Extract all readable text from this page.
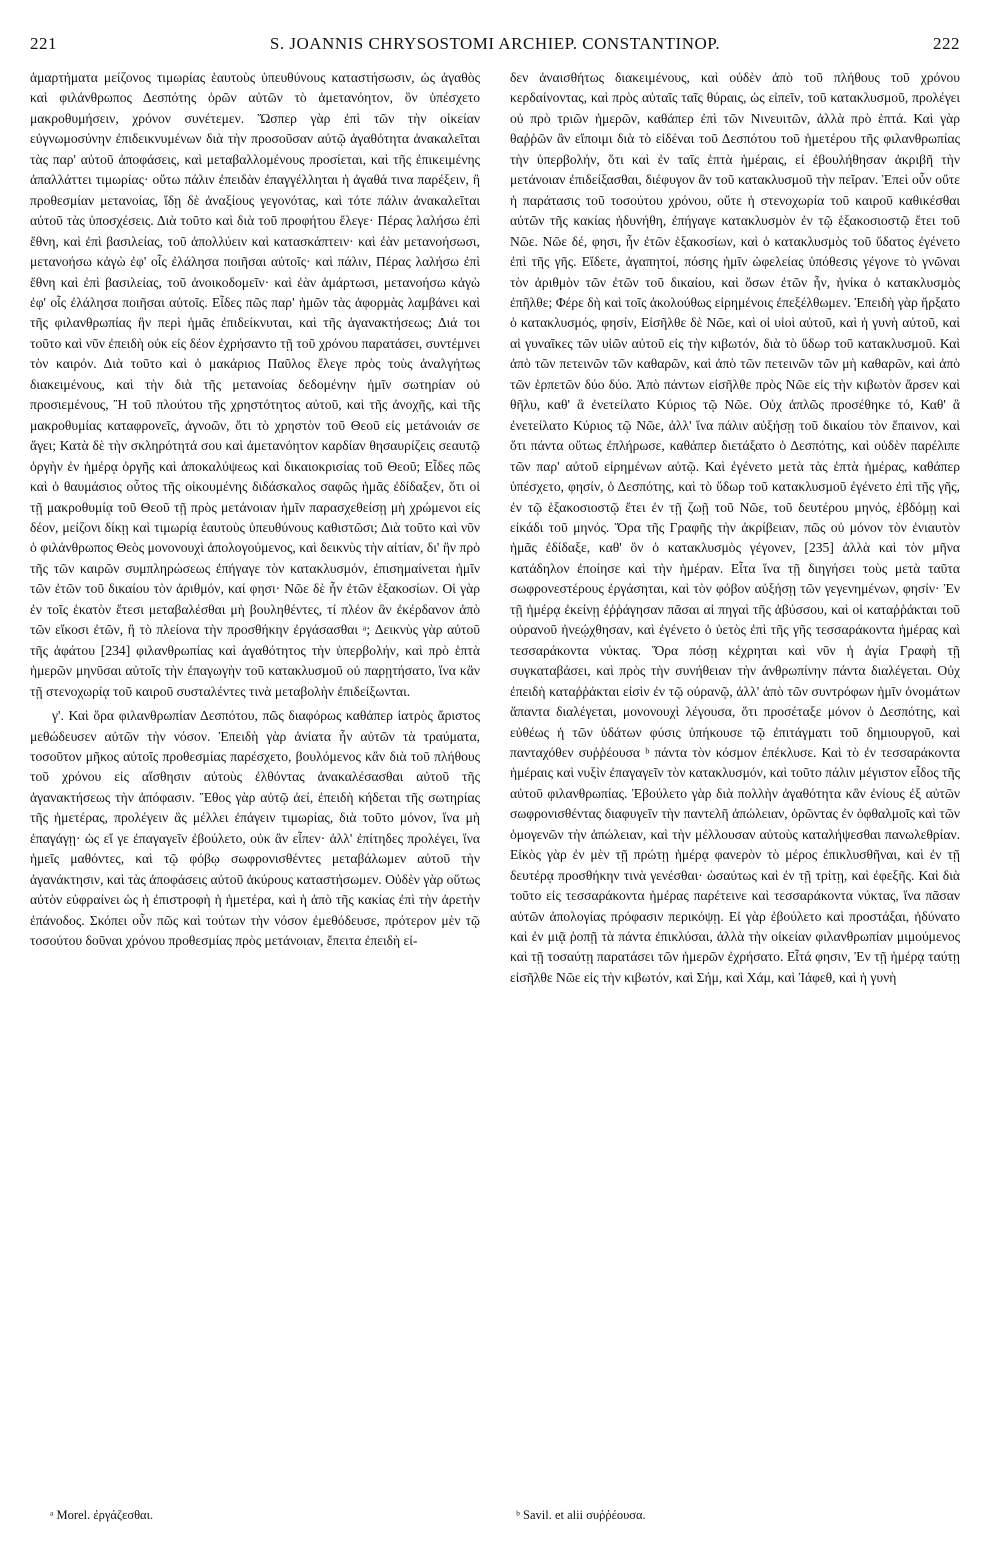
221	S. JOANNIS CHRYSOSTOMI ARCHIEP. CONSTANTINOP.	222

ἁμαρτήματα μείζονος τιμωρίας ἑαυτοὺς ὑπευθύνους καταστήσωσιν, ὡς ἀγαθὸς καὶ φιλάνθρωπος Δεσπότης ὁρῶν αὐτῶν τὸ ἀμετανόητον, ὃν ὑπέσχετο μακροθυμήσειν, χρόνον συνέτεμεν. Ὥσπερ γὰρ ἐπὶ τῶν τὴν οἰκείαν εὐγνωμοσύνην ἐπιδεικνυμένων διὰ τὴν προσοῦσαν αὐτῷ ἀγαθότητα ἀνακαλεῖται τὰς παρ' αὐτοῦ ἀποφάσεις, καὶ μεταβαλλομένους προσίεται, καὶ τῆς ἐπικειμένης ἀπαλλάττει τιμωρίας· οὕτω πάλιν ἐπειδὰν ἐπαγγέλληται ἡ ἀγαθά τινα παρέξειν, ἢ προθεσμίαν μετανοίας, ἴδῃ δὲ ἀναξίους γεγονότας, καὶ τότε πάλιν ἀνακαλεῖται αὐτοῦ τὰς ὑποσχέσεις. Διὰ τοῦτο καὶ διὰ τοῦ προφήτου ἔλεγε· Πέρας λαλήσω ἐπὶ ἔθνη, καὶ ἐπὶ βασιλείας, τοῦ ἀπολλύειν καὶ κατασκάπτειν· καὶ ἐὰν μετανοήσωσι, μετανοήσω κἀγὼ ἐφ' οἷς ἐλάλησα ποιῆσαι αὐτοῖς· καὶ πάλιν, Πέρας λαλήσω ἐπὶ ἔθνη καὶ ἐπὶ βασιλείας, τοῦ ἀνοικοδομεῖν· καὶ ἐὰν ἁμάρτωσι, μετανοήσω κἀγὼ ἐφ' οἷς ἐλάλησα ποιῆσαι αὐτοῖς. Εἶδες πῶς παρ' ἡμῶν τὰς ἀφορμὰς λαμβάνει καὶ τῆς φιλανθρωπίας ἣν περὶ ἡμᾶς ἐπιδείκνυται, καὶ τῆς ἀγανακτήσεως; Διά τοι τοῦτο καὶ νῦν ἐπειδὴ οὐκ εἰς δέον ἐχρήσαντο τῇ τοῦ χρόνου παρατάσει, συντέμνει τὸν καιρόν. Διὰ τοῦτο καὶ ὁ μακάριος Παῦλος ἔλεγε πρὸς τοὺς ἀναλγήτως διακειμένους, καὶ τὴν διὰ τῆς μετανοίας δεδομένην ἡμῖν σωτηρίαν οὐ προσιεμένους, Ἢ τοῦ πλούτου τῆς χρηστότητος αὐτοῦ, καὶ τῆς ἀνοχῆς, καὶ τῆς μακροθυμίας καταφρονεῖς, ἀγνοῶν, ὅτι τὸ χρηστὸν τοῦ Θεοῦ εἰς μετάνοιάν σε ἄγει; Κατὰ δὲ τὴν σκληρότητά σου καὶ ἀμετανόητον καρδίαν θησαυρίζεις σεαυτῷ ὀργὴν ἐν ἡμέρᾳ ὀργῆς καὶ ἀποκαλύψεως καὶ δικαιοκρισίας τοῦ Θεοῦ; Εἶδες πῶς καὶ ὁ θαυμάσιος οὗτος τῆς οἰκουμένης διδάσκαλος σαφῶς ἡμᾶς ἐδίδαξεν, ὅτι οἱ τῇ μακροθυμίᾳ τοῦ Θεοῦ τῇ πρὸς μετάνοιαν ἡμῖν παρασχεθείσῃ μὴ χρώμενοι εἰς δέον, μείζονι δίκῃ καὶ τιμωρίᾳ ἑαυτοὺς ὑπευθύνους καθιστῶσι; Διὰ τοῦτο καὶ νῦν ὁ φιλάνθρωπος Θεὸς μονονουχὶ ἀπολογούμενος, καὶ δεικνὺς τὴν αἰτίαν, δι' ἣν πρὸ τῆς τῶν καιρῶν συμπληρώσεως ἐπήγαγε τὸν κατακλυσμόν, ἐπισημαίνεται ἡμῖν τῶν ἐτῶν τοῦ δικαίου τὸν ἀριθμόν, καί φησι· Νῶε δὲ ἦν ἐτῶν ἑξακοσίων. Οἱ γὰρ ἐν τοῖς ἑκατὸν ἔτεσι μεταβαλέσθαι μὴ βουληθέντες, τί πλέον ἂν ἐκέρδανον ἀπὸ τῶν εἴκοσι ἐτῶν, ἢ τὸ πλείονα τὴν προσθήκην ἐργάσασθαι ᵃ; Δεικνὺς γὰρ αὐτοῦ τῆς ἀφάτου [234] φιλανθρωπίας καὶ ἀγαθότητος τὴν ὑπερβολήν, καὶ πρὸ ἑπτὰ ἡμερῶν μηνῦσαι αὐτοῖς τὴν ἐπαγωγὴν τοῦ κατακλυσμοῦ οὐ παρῃτήσατο, ἵνα κἂν τῇ στενοχωρίᾳ τοῦ καιροῦ συσταλέντες τινὰ μεταβολὴν ἐπιδείξωνται.

γ'. Καὶ ὅρα φιλανθρωπίαν Δεσπότου, πῶς διαφόρως καθάπερ ἰατρὸς ἄριστος μεθώδευσεν αὐτῶν τὴν νόσον. Ἐπειδὴ γὰρ ἀνίατα ἦν αὐτῶν τὰ τραύματα, τοσοῦτον μῆκος αὐτοῖς προθεσμίας παρέσχετο, βουλόμενος κἂν διὰ τοῦ πλήθους τοῦ χρόνου εἰς αἴσθησιν αὐτοὺς ἐλθόντας ἀνακαλέσασθαι αὐτοῦ τῆς ἀγανακτήσεως τὴν ἀπόφασιν. Ἔθος γὰρ αὐτῷ ἀεί, ἐπειδὴ κήδεται τῆς σωτηρίας τῆς ἡμετέρας, προλέγειν ἃς μέλλει ἐπάγειν τιμωρίας, διὰ τοῦτο μόνον, ἵνα μὴ ἐπαγάγῃ· ὡς εἴ γε ἐπαγαγεῖν ἐβούλετο, οὐκ ἂν εἶπεν· ἀλλ' ἐπίτηδες προλέγει, ἵνα ἡμεῖς μαθόντες, καὶ τῷ φόβῳ σωφρονισθέντες μεταβάλωμεν αὐτοῦ τὴν ἀγανάκτησιν, καὶ τὰς ἀποφάσεις αὐτοῦ ἀκύρους καταστήσωμεν. Οὐδὲν γὰρ οὕτως αὐτὸν εὐφραίνει ὡς ἡ ἐπιστροφὴ ἡ ἡμετέρα, καὶ ἡ ἀπὸ τῆς κακίας ἐπὶ τὴν ἀρετὴν ἐπάνοδος. Σκόπει οὖν πῶς καὶ τούτων τὴν νόσον ἐμεθόδευσε, πρότερον μὲν τῷ τοσούτου δοῦναι χρόνου προθεσμίας πρὸς μετάνοιαν, ἔπειτα ἐπειδὴ εἰ-

δεν ἀναισθήτως διακειμένους, καὶ οὐδὲν ἀπὸ τοῦ πλήθους τοῦ χρόνου κερδαίνοντας, καὶ πρὸς αὐταῖς ταῖς θύραις, ὡς εἰπεῖν, τοῦ κατακλυσμοῦ, προλέγει οὐ πρὸ τριῶν ἡμερῶν, καθάπερ ἐπὶ τῶν Νινευιτῶν, ἀλλὰ πρὸ ἑπτά. Καὶ γὰρ θαῤῥῶν ἂν εἴποιμι διὰ τὸ εἰδέναι τοῦ Δεσπότου τοῦ ἡμετέρου τῆς φιλανθρωπίας τὴν ὑπερβολήν, ὅτι καὶ ἐν ταῖς ἑπτὰ ἡμέραις, εἰ ἐβουλήθησαν ἀκριβῆ τὴν μετάνοιαν ἐπιδείξασθαι, διέφυγον ἂν τοῦ κατακλυσμοῦ τὴν πεῖραν. Ἐπεὶ οὖν οὔτε ἡ παράτασις τοῦ τοσούτου χρόνου, οὔτε ἡ στενοχωρία τοῦ καιροῦ καθικέσθαι αὐτῶν τῆς κακίας ἠδυνήθη, ἐπήγαγε κατακλυσμὸν ἐν τῷ ἑξακοσιοστῷ ἔτει τοῦ Νῶε. Νῶε δέ, φησι, ἦν ἐτῶν ἑξακοσίων, καὶ ὁ κατακλυσμὸς τοῦ ὕδατος ἐγένετο ἐπὶ τῆς γῆς. Εἴδετε, ἀγαπητοί, πόσης ἡμῖν ὠφελείας ὑπόθεσις γέγονε τὸ γνῶναι τὸν ἀριθμὸν τῶν ἐτῶν τοῦ δικαίου, καὶ ὅσων ἐτῶν ἦν, ἡνίκα ὁ κατακλυσμὸς ἐπῆλθε; Φέρε δὴ καὶ τοῖς ἀκολούθως εἰρημένοις ἐπεξέλθωμεν. Ἐπειδὴ γὰρ ἤρξατο ὁ κατακλυσμός, φησίν, Εἰσῆλθε δὲ Νῶε, καὶ οἱ υἱοὶ αὐτοῦ, καὶ ἡ γυνὴ αὐτοῦ, καὶ αἱ γυναῖκες τῶν υἱῶν αὐτοῦ εἰς τὴν κιβωτόν, διὰ τὸ ὕδωρ τοῦ κατακλυσμοῦ. Καὶ ἀπὸ τῶν πετεινῶν τῶν καθαρῶν, καὶ ἀπὸ τῶν πετεινῶν τῶν μὴ καθαρῶν, καὶ ἀπὸ τῶν ἑρπετῶν δύο δύο. Ἀπὸ πάντων εἰσῆλθε πρὸς Νῶε εἰς τὴν κιβωτὸν ἄρσεν καὶ θῆλυ, καθ' ἃ ἐνετείλατο Κύριος τῷ Νῶε. Οὐχ ἁπλῶς προσέθηκε τό, Καθ' ἃ ἐνετείλατο Κύριος τῷ Νῶε, ἀλλ' ἵνα πάλιν αὐξήσῃ τοῦ δικαίου τὸν ἔπαινον, καὶ ὅτι πάντα οὕτως ἐπλήρωσε, καθάπερ διετάξατο ὁ Δεσπότης, καὶ οὐδὲν παρέλιπε τῶν παρ' αὐτοῦ εἰρημένων αὐτῷ. Καὶ ἐγένετο μετὰ τὰς ἑπτὰ ἡμέρας, καθάπερ ὑπέσχετο, φησίν, ὁ Δεσπότης, καὶ τὸ ὕδωρ τοῦ κατακλυσμοῦ ἐγένετο ἐπὶ τῆς γῆς, ἐν τῷ ἑξακοσιοστῷ ἔτει ἐν τῇ ζωῇ τοῦ Νῶε, τοῦ δευτέρου μηνός, ἑβδόμῃ καὶ εἰκάδι τοῦ μηνός. Ὅρα τῆς Γραφῆς τὴν ἀκρίβειαν, πῶς οὐ μόνον τὸν ἐνιαυτὸν ἡμᾶς ἐδίδαξε, καθ' ὃν ὁ κατακλυσμὸς γέγονεν, [235] ἀλλὰ καὶ τὸν μῆνα κατάδηλον ἐποίησε καὶ τὴν ἡμέραν. Εἶτα ἵνα τῇ διηγήσει τοὺς μετὰ ταῦτα σωφρονεστέρους ἐργάσηται, καὶ τὸν φόβον αὐξήσῃ τῶν γεγενημένων, φησίν· Ἐν τῇ ἡμέρᾳ ἐκείνῃ ἐῤῥάγησαν πᾶσαι αἱ πηγαὶ τῆς ἀβύσσου, καὶ οἱ καταῤῥάκται τοῦ οὐρανοῦ ἠνεῴχθησαν, καὶ ἐγένετο ὁ ὑετὸς ἐπὶ τῆς γῆς τεσσαράκοντα ἡμέρας καὶ τεσσαράκοντα νύκτας. Ὅρα πόσῃ κέχρηται καὶ νῦν ἡ ἁγία Γραφὴ τῇ συγκαταβάσει, καὶ πρὸς τὴν συνήθειαν τὴν ἀνθρωπίνην πάντα διαλέγεται. Οὐχ ἐπειδὴ καταῤῥάκται εἰσὶν ἐν τῷ οὐρανῷ, ἀλλ' ἀπὸ τῶν συντρόφων ἡμῖν ὀνομάτων ἅπαντα διαλέγεται, μονονουχὶ λέγουσα, ὅτι προσέταξε μόνον ὁ Δεσπότης, καὶ εὐθέως ἡ τῶν ὑδάτων φύσις ὑπήκουσε τῷ ἐπιτάγματι τοῦ δημιουργοῦ, καὶ πανταχόθεν συῤῥέουσα ᵇ πάντα τὸν κόσμον ἐπέκλυσε. Καὶ τὸ ἐν τεσσαράκοντα ἡμέραις καὶ νυξὶν ἐπαγαγεῖν τὸν κατακλυσμόν, καὶ τοῦτο πάλιν μέγιστον εἶδος τῆς αὐτοῦ φιλανθρωπίας. Ἐβούλετο γὰρ διὰ πολλὴν ἀγαθότητα κἂν ἐνίους ἐξ αὐτῶν σωφρονισθέντας διαφυγεῖν τὴν παντελῆ ἀπώλειαν, ὁρῶντας ἐν ὀφθαλμοῖς καὶ τῶν ὁμογενῶν τὴν ἀπώλειαν, καὶ τὴν μέλλουσαν αὐτοὺς καταλήψεσθαι πανωλεθρίαν. Εἰκὸς γὰρ ἐν μὲν τῇ πρώτῃ ἡμέρᾳ φανερὸν τὸ μέρος ἐπικλυσθῆναι, καὶ ἐν τῇ δευτέρᾳ προσθήκην τινὰ γενέσθαι· ὡσαύτως καὶ ἐν τῇ τρίτῃ, καὶ ἐφεξῆς. Καὶ διὰ τοῦτο εἰς τεσσαράκοντα ἡμέρας παρέτεινε καὶ τεσσαράκοντα νύκτας, ἵνα πᾶσαν αὐτῶν ἀπολογίας πρόφασιν περικόψῃ. Εἰ γὰρ ἐβούλετο καὶ προστάξαι, ἠδύνατο καὶ ἐν μιᾷ ῥοπῇ τὰ πάντα ἐπικλύσαι, ἀλλὰ τὴν οἰκείαν φιλανθρωπίαν μιμούμενος καὶ τῇ τοσαύτῃ παρατάσει τῶν ἡμερῶν ἐχρήσατο. Εἶτά φησιν, Ἐν τῇ ἡμέρᾳ ταύτῃ εἰσῆλθε Νῶε εἰς τὴν κιβωτόν, καὶ Σήμ, καὶ Χάμ, καὶ Ἰάφεθ, καὶ ἡ γυνὴ

ᵃ Morel. ἐργάζεσθαι.	ᵇ Savil. et alii συῤῥέουσα.
